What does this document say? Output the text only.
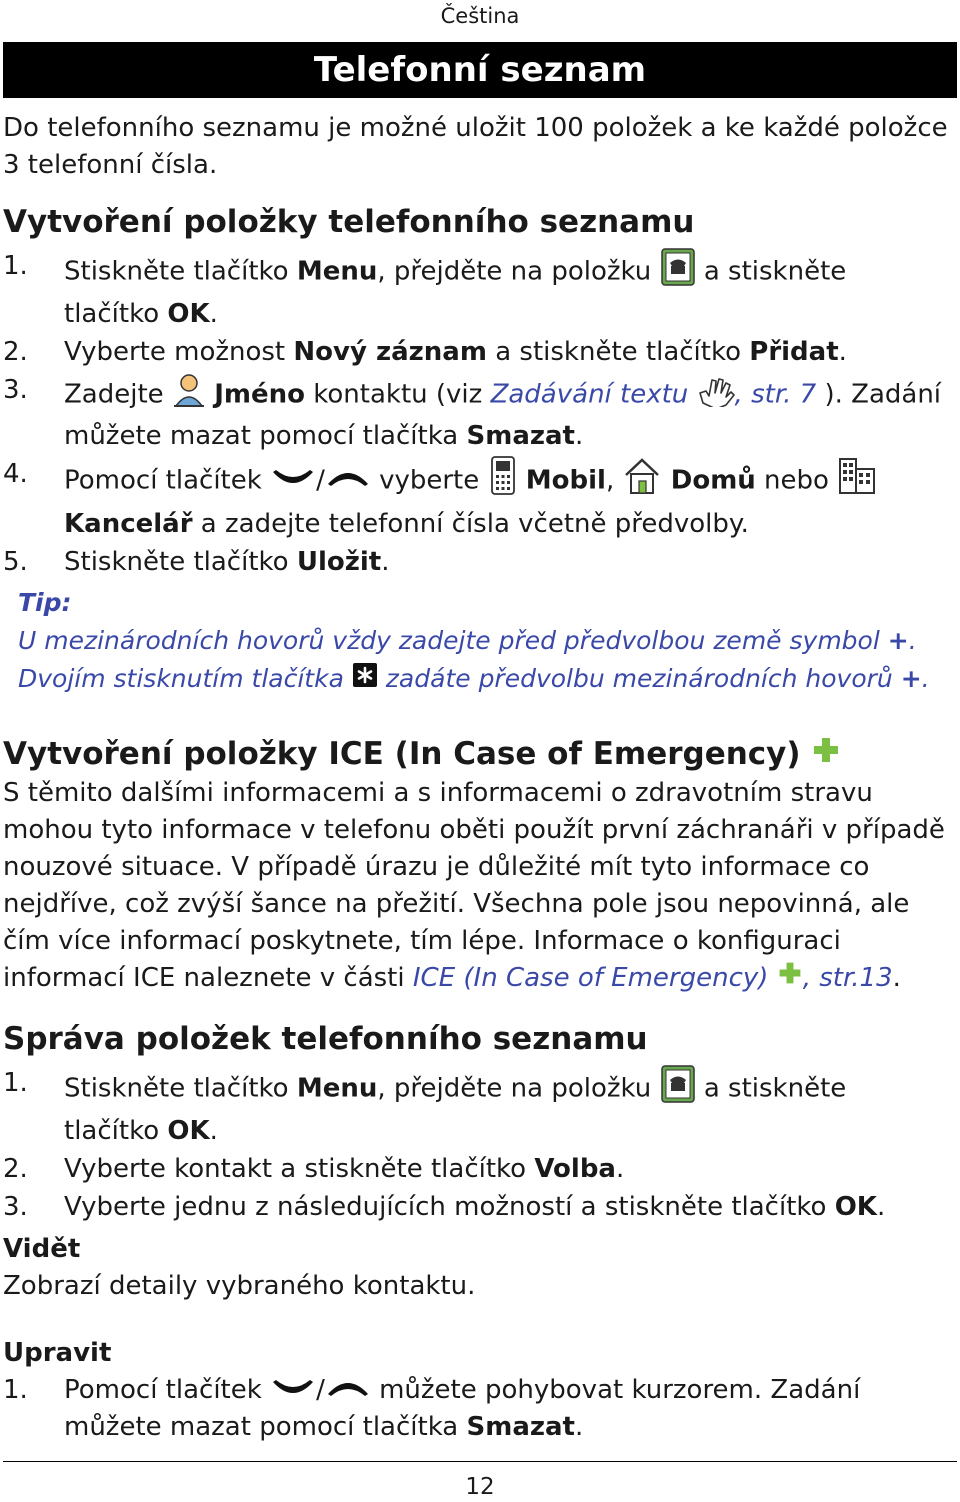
Čeština
Telefonní seznam

Do telefonního seznamu je možné uložit 100 položek a ke každé položce 3 telefonní čísla.

Vytvoření položky telefonního seznamu
1. Stiskněte tlačítko Menu, přejděte na položku  a stiskněte tlačítko OK.
2. Vyberte možnost Nový záznam a stiskněte tlačítko Přidat.
3. Zadejte  Jméno kontaktu (viz Zadávání textu , str. 7 ). Zadání můžete mazat pomocí tlačítka Smazat.
4. Pomocí tlačítek / vyberte  Mobil,  Domů nebo  Kancelář a zadejte telefonní čísla včetně předvolby.
5. Stiskněte tlačítko Uložit.
Tip:
U mezinárodních hovorů vždy zadejte před předvolbou země symbol +.
Dvojím stisknutím tlačítka  zadáte předvolbu mezinárodních hovorů +.
Vytvoření položky ICE (In Case of Emergency)

S těmito dalšími informacemi a s informacemi o zdravotním stravu mohou tyto informace v telefonu oběti použít první záchranáři v případě nouzové situace. V případě úrazu je důležité mít tyto informace co nejdříve, což zvýší šance na přežití. Všechna pole jsou nepovinná, ale čím více informací poskytnete, tím lépe. Informace o konfiguraci informací ICE naleznete v části ICE (In Case of Emergency) , str.13.

Správa položek telefonního seznamu
1. Stiskněte tlačítko Menu, přejděte na položku  a stiskněte tlačítko OK.
2. Vyberte kontakt a stiskněte tlačítko Volba.
3. Vyberte jednu z následujících možností a stiskněte tlačítko OK.
Vidět

Zobrazí detaily vybraného kontaktu.

Upravit
1. Pomocí tlačítek / můžete pohybovat kurzorem. Zadání můžete mazat pomocí tlačítka Smazat.
12
